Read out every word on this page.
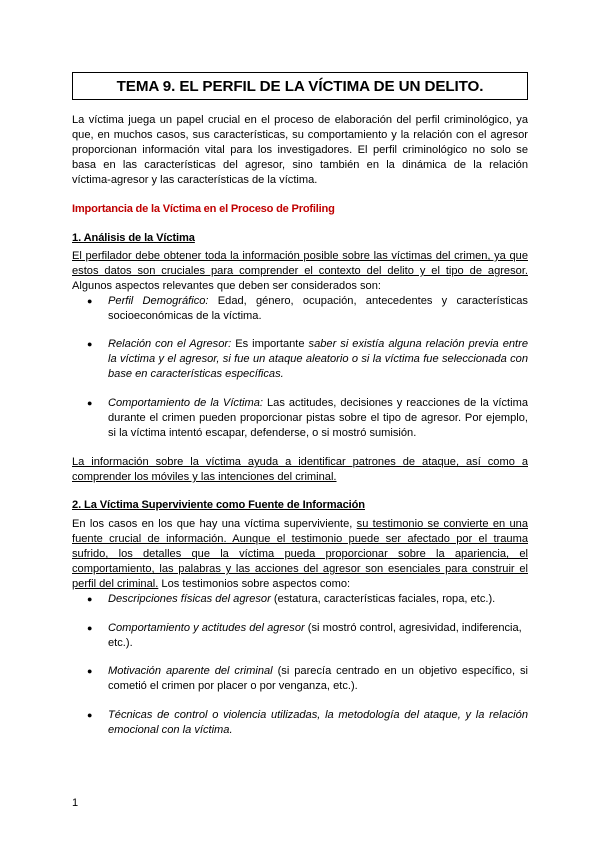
TEMA 9. EL PERFIL DE LA VÍCTIMA DE UN DELITO.
La víctima juega un papel crucial en el proceso de elaboración del perfil criminológico, ya
que, en muchos casos, sus características, su comportamiento y la relación con el agresor
proporcionan información vital para los investigadores. El perfil criminológico no solo se
basa en las características del agresor, sino también en la dinámica de la relación
víctima-agresor y las características de la víctima.
Importancia de la Víctima en el Proceso de Profiling
1. Análisis de la Víctima
El perfilador debe obtener toda la información posible sobre las víctimas del crimen, ya que
estos datos son cruciales para comprender el contexto del delito y el tipo de agresor.
Algunos aspectos relevantes que deben ser considerados son:
● Perfil Demográfico: Edad, género, ocupación, antecedentes y características
socioeconómicas de la víctima.
● Relación con el Agresor: Es importante saber si existía alguna relación previa entre
la víctima y el agresor, si fue un ataque aleatorio o si la víctima fue seleccionada con
base en características específicas.
● Comportamiento de la Víctima: Las actitudes, decisiones y reacciones de la víctima
durante el crimen pueden proporcionar pistas sobre el tipo de agresor. Por ejemplo,
si la víctima intentó escapar, defenderse, o si mostró sumisión.
La información sobre la víctima ayuda a identificar patrones de ataque, así como a
comprender los móviles y las intenciones del criminal.
2. La Víctima Superviviente como Fuente de Información
En los casos en los que hay una víctima superviviente, su testimonio se convierte en una
fuente crucial de información. Aunque el testimonio puede ser afectado por el trauma
sufrido, los detalles que la víctima pueda proporcionar sobre la apariencia, el
comportamiento, las palabras y las acciones del agresor son esenciales para construir el
perfil del criminal. Los testimonios sobre aspectos como:
● Descripciones físicas del agresor (estatura, características faciales, ropa, etc.).
● Comportamiento y actitudes del agresor (si mostró control, agresividad, indiferencia,
etc.).
● Motivación aparente del criminal (si parecía centrado en un objetivo específico, si
cometió el crimen por placer o por venganza, etc.).
● Técnicas de control o violencia utilizadas, la metodología del ataque, y la relación
emocional con la víctima.
1
